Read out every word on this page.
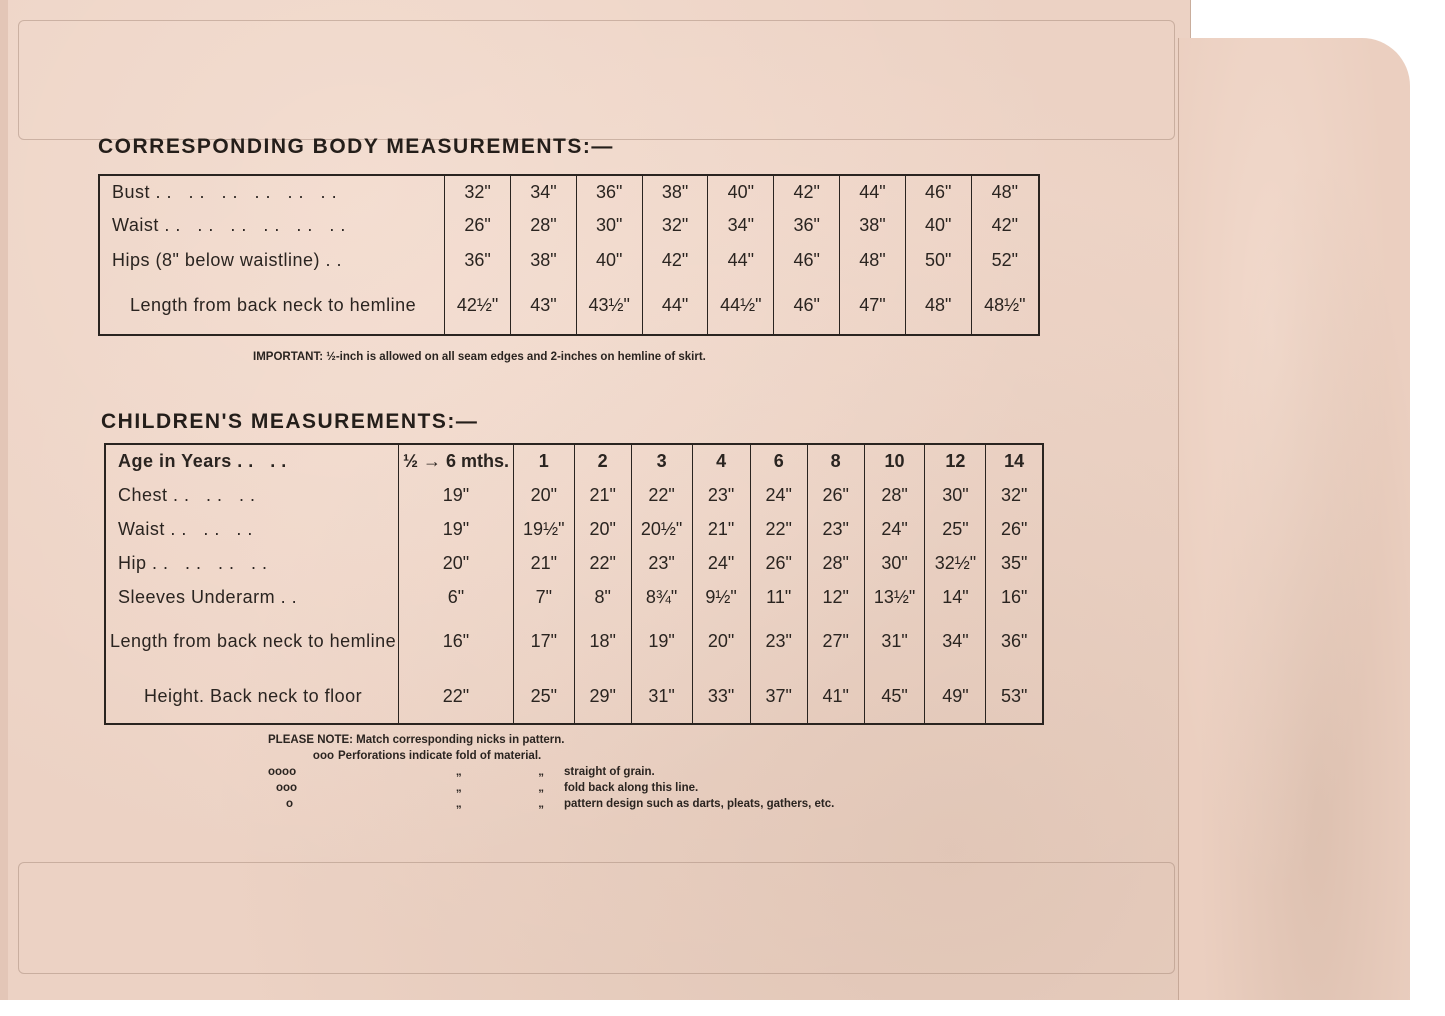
CORRESPONDING BODY MEASUREMENTS:—
Bust .. .. .. .. .. ..	32"	34"	36"	38"	40"	42"	44"	46"	48"
Waist .. .. .. .. .. ..	26"	28"	30"	32"	34"	36"	38"	40"	42"
Hips (8" below waistline) ..	36"	38"	40"	42"	44"	46"	48"	50"	52"
Length from back neck to hemline	42½"	43"	43½"	44"	44½"	46"	47"	48"	48½"
IMPORTANT: ½-inch is allowed on all seam edges and 2-inches on hemline of skirt.
CHILDREN'S MEASUREMENTS:—
Age in Years .. ..	½ → 6 mths.	1	2	3	4	6	8	10	12	14
Chest .. .. ..	19"	20"	21"	22"	23"	24"	26"	28"	30"	32"
Waist .. .. ..	19"	19½"	20"	20½"	21"	22"	23"	24"	25"	26"
Hip .. .. .. ..	20"	21"	22"	23"	24"	26"	28"	30"	32½"	35"
Sleeves Underarm ..	6"	7"	8"	8¾"	9½"	11"	12"	13½"	14"	16"
Length from back neck to hemline	16"	17"	18"	19"	20"	23"	27"	31"	34"	36"
Height. Back neck to floor	22"	25"	29"	31"	33"	37"	41"	45"	49"	53"
PLEASE NOTE: Match corresponding nicks in pattern.
ooo Perforations indicate fold of material.
oooo	„                        „ straight of grain.
ooo	„                        „ fold back along this line.
o	„                        „ pattern design such as darts, pleats, gathers, etc.
